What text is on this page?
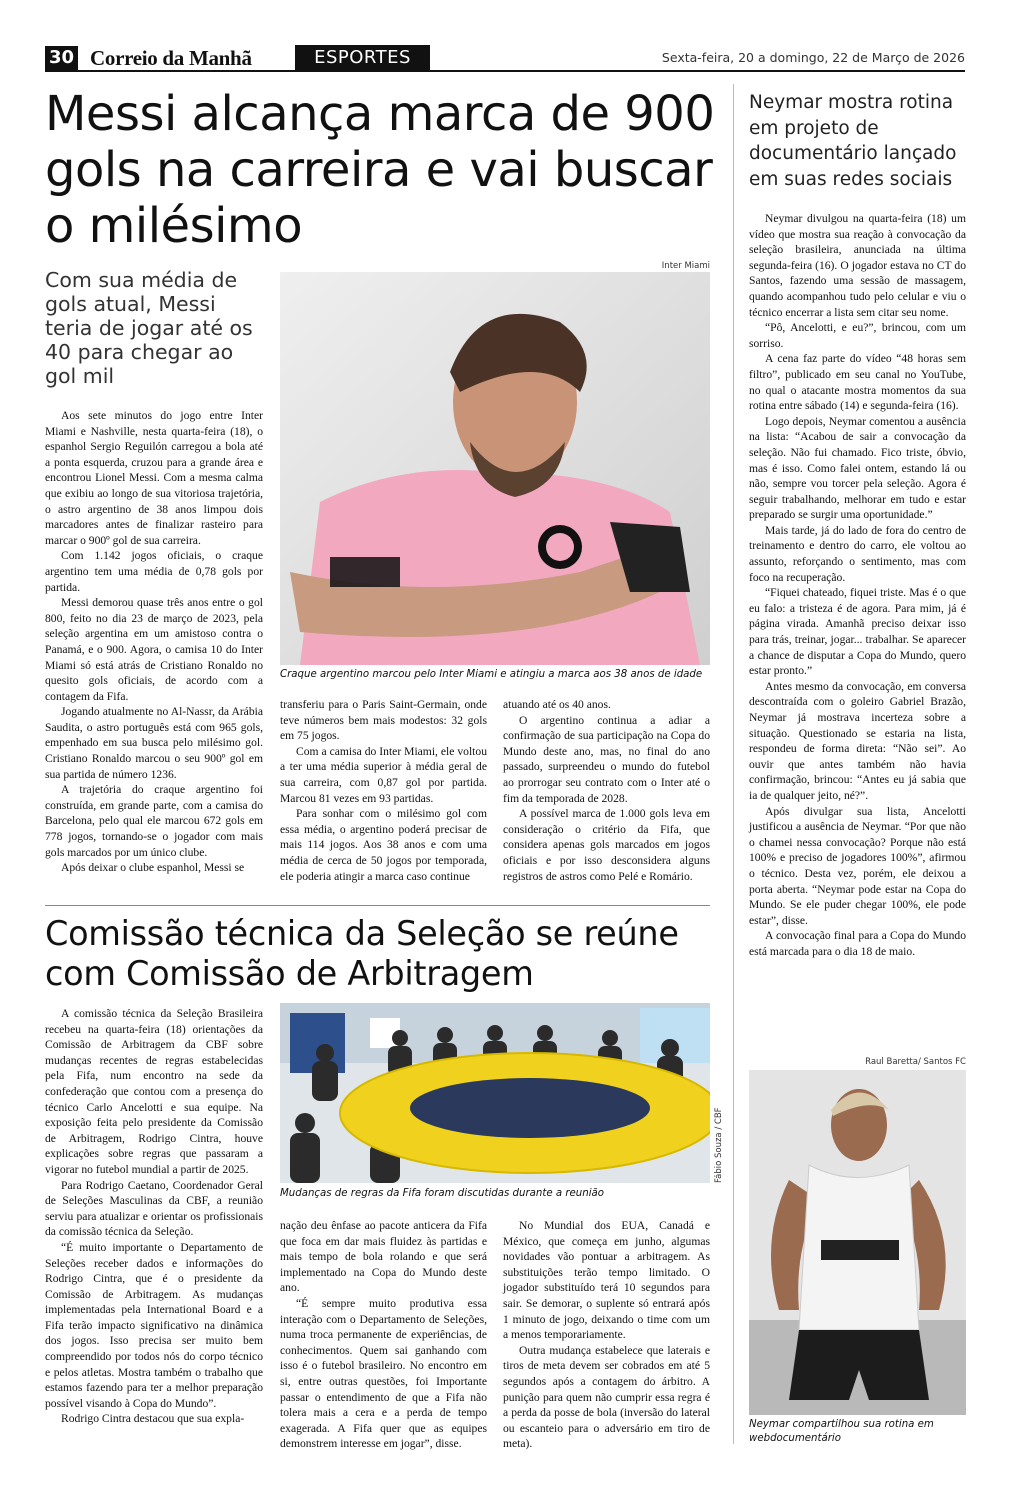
30 Correio da Manhã	ESPORTES	Sexta-feira, 20 a domingo, 22 de Março de 2026
Messi alcança marca de 900 gols na carreira e vai buscar o milésimo
Com sua média de gols atual, Messi teria de jogar até os 40 para chegar ao gol mil
Inter Miami
Craque argentino marcou pelo Inter Miami e atingiu a marca aos 38 anos de idade

Aos sete minutos do jogo entre Inter Miami e Nashville, nesta quarta-feira (18), o espanhol Sergio Reguilón carregou a bola até a ponta esquerda, cruzou para a grande área e encontrou Lionel Messi. Com a mesma calma que exibiu ao longo de sua vitoriosa trajetória, o astro argentino de 38 anos limpou dois marcadores antes de finalizar rasteiro para marcar o 900º gol de sua carreira.

Com 1.142 jogos oficiais, o craque argentino tem uma média de 0,78 gols por partida.

Messi demorou quase três anos entre o gol 800, feito no dia 23 de março de 2023, pela seleção argentina em um amistoso contra o Panamá, e o 900. Agora, o camisa 10 do Inter Miami só está atrás de Cristiano Ronaldo no quesito gols oficiais, de acordo com a contagem da Fifa.

Jogando atualmente no Al-Nassr, da Arábia Saudita, o astro português está com 965 gols, empenhado em sua busca pelo milésimo gol. Cristiano Ronaldo marcou o seu 900º gol em sua partida de número 1236.

A trajetória do craque argentino foi construída, em grande parte, com a camisa do Barcelona, pelo qual ele marcou 672 gols em 778 jogos, tornando-se o jogador com mais gols marcados por um único clube.

Após deixar o clube espanhol, Messi se

transferiu para o Paris Saint-Germain, onde teve números bem mais modestos: 32 gols em 75 jogos.

Com a camisa do Inter Miami, ele voltou a ter uma média superior à média geral de sua carreira, com 0,87 gol por partida. Marcou 81 vezes em 93 partidas.

Para sonhar com o milésimo gol com essa média, o argentino poderá precisar de mais 114 jogos. Aos 38 anos e com uma média de cerca de 50 jogos por temporada, ele poderia atingir a marca caso continue

atuando até os 40 anos.

O argentino continua a adiar a confirmação de sua participação na Copa do Mundo deste ano, mas, no final do ano passado, surpreendeu o mundo do futebol ao prorrogar seu contrato com o Inter até o fim da temporada de 2028.

A possível marca de 1.000 gols leva em consideração o critério da Fifa, que considera apenas gols marcados em jogos oficiais e por isso desconsidera alguns registros de astros como Pelé e Romário.

Comissão técnica da Seleção se reúne com Comissão de Arbitragem
Fábio Souza / CBF
Mudanças de regras da Fifa foram discutidas durante a reunião

A comissão técnica da Seleção Brasileira recebeu na quarta-feira (18) orientações da Comissão de Arbitragem da CBF sobre mudanças recentes de regras estabelecidas pela Fifa, num encontro na sede da confederação que contou com a presença do técnico Carlo Ancelotti e sua equipe. Na exposição feita pelo presidente da Comissão de Arbitragem, Rodrigo Cintra, houve explicações sobre regras que passaram a vigorar no futebol mundial a partir de 2025.

Para Rodrigo Caetano, Coordenador Geral de Seleções Masculinas da CBF, a reunião serviu para atualizar e orientar os profissionais da comissão técnica da Seleção.

“É muito importante o Departamento de Seleções receber dados e informações do Rodrigo Cintra, que é o presidente da Comissão de Arbitragem. As mudanças implementadas pela International Board e a Fifa terão impacto significativo na dinâmica dos jogos. Isso precisa ser muito bem compreendido por todos nós do corpo técnico e pelos atletas. Mostra também o trabalho que estamos fazendo para ter a melhor preparação possível visando à Copa do Mundo”.

Rodrigo Cintra destacou que sua expla-

nação deu ênfase ao pacote anticera da Fifa que foca em dar mais fluidez às partidas e mais tempo de bola rolando e que será implementado na Copa do Mundo deste ano.

“É sempre muito produtiva essa interação com o Departamento de Seleções, numa troca permanente de experiências, de conhecimentos. Quem sai ganhando com isso é o futebol brasileiro. No encontro em si, entre outras questões, foi Importante passar o entendimento de que a Fifa não tolera mais a cera e a perda de tempo exagerada. A Fifa quer que as equipes demonstrem interesse em jogar”, disse.

No Mundial dos EUA, Canadá e México, que começa em junho, algumas novidades vão pontuar a arbitragem. As substituições terão tempo limitado. O jogador substituído terá 10 segundos para sair. Se demorar, o suplente só entrará após 1 minuto de jogo, deixando o time com um a menos temporariamente.

Outra mudança estabelece que laterais e tiros de meta devem ser cobrados em até 5 segundos após a contagem do árbitro. A punição para quem não cumprir essa regra é a perda da posse de bola (inversão do lateral ou escanteio para o adversário em tiro de meta).

Neymar mostra rotina em projeto de documentário lançado em suas redes sociais

Neymar divulgou na quarta-feira (18) um vídeo que mostra sua reação à convocação da seleção brasileira, anunciada na última segunda-feira (16). O jogador estava no CT do Santos, fazendo uma sessão de massagem, quando acompanhou tudo pelo celular e viu o técnico encerrar a lista sem citar seu nome.

“Pô, Ancelotti, e eu?”, brincou, com um sorriso.

A cena faz parte do vídeo “48 horas sem filtro”, publicado em seu canal no YouTube, no qual o atacante mostra momentos da sua rotina entre sábado (14) e segunda-feira (16).

Logo depois, Neymar comentou a ausência na lista: “Acabou de sair a convocação da seleção. Não fui chamado. Fico triste, óbvio, mas é isso. Como falei ontem, estando lá ou não, sempre vou torcer pela seleção. Agora é seguir trabalhando, melhorar em tudo e estar preparado se surgir uma oportunidade.”

Mais tarde, já do lado de fora do centro de treinamento e dentro do carro, ele voltou ao assunto, reforçando o sentimento, mas com foco na recuperação.

“Fiquei chateado, fiquei triste. Mas é o que eu falo: a tristeza é de agora. Para mim, já é página virada. Amanhã preciso deixar isso para trás, treinar, jogar... trabalhar. Se aparecer a chance de disputar a Copa do Mundo, quero estar pronto.”

Antes mesmo da convocação, em conversa descontraída com o goleiro Gabriel Brazão, Neymar já mostrava incerteza sobre a situação. Questionado se estaria na lista, respondeu de forma direta: “Não sei”. Ao ouvir que antes também não havia confirmação, brincou: “Antes eu já sabia que ia de qualquer jeito, né?”.

Após divulgar sua lista, Ancelotti justificou a ausência de Neymar. “Por que não o chamei nessa convocação? Porque não está 100% e preciso de jogadores 100%”, afirmou o técnico. Desta vez, porém, ele deixou a porta aberta. “Neymar pode estar na Copa do Mundo. Se ele puder chegar 100%, ele pode estar”, disse.

A convocação final para a Copa do Mundo está marcada para o dia 18 de maio.

Raul Baretta/ Santos FC
Neymar compartilhou sua rotina em webdocumentário
